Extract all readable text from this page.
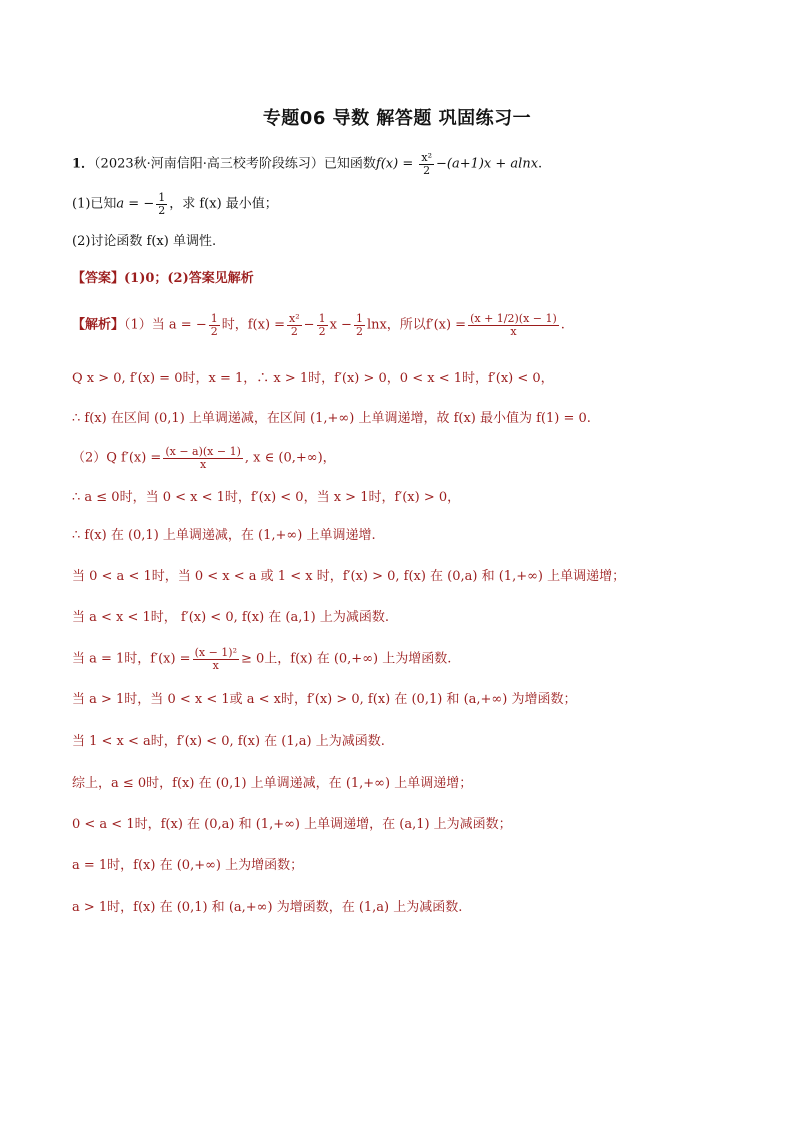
专题06 导数 解答题 巩固练习一
1．（2023秋·河南信阳·高三校考阶段练习）已知函数$f(x) = \frac{\text{x²}}{2} -(a+1)x + alnx$.
(1)已知a = − $\frac{1}{2}$ ，求 f(x) 最小值；
(2)讨论函数 f(x) 单调性.
【答案】(1)0；(2)答案见解析
【解析】（1）当 a = − $\frac{1}{2}$ 时，$f(x) = \frac{\text{x²}}{2} - \frac{1}{2}$ $x - \frac{1}{2}$ lnx，所以$f'(x) = \frac{(x + 1/2)(x - 1)}{x}$ .
Q x > 0, f′(x) = 0时，x = 1，∴ x > 1时，f′(x) > 0，0 < x < 1时，f′(x) < 0，
∴ f(x) 在区间 (0,1) 上单调递减，在区间 (1,+∞) 上单调递增，故 f(x) 最小值为 f(1) = 0.
（2）Q $f'(x) = \frac{(x - a)(x - 1)}{x}$ , x ∈ (0,+∞)，
∴ a ≤ 0时，当 0 < x < 1时，f′(x) < 0，当 x > 1时，f′(x) > 0，
∴ f(x) 在 (0,1) 上单调递减，在 (1,+∞) 上单调递增.
当 0 < a < 1时，当 0 < x < a 或 1 < x 时，f′(x) > 0, f(x) 在 (0,a) 和 (1,+∞) 上单调递增；
当 a < x < 1时， f′(x) < 0, f(x) 在 (a,1) 上为减函数.
当 a = 1时，$f'(x) = \frac{\text{(x − 1)²}}{x} \ge 0$上，f(x) 在 (0,+∞) 上为增函数.
当 a > 1时，当 0 < x < 1或 a < x时，f′(x) > 0, f(x) 在 (0,1) 和 (a,+∞) 为增函数；
当 1 < x < a时，f′(x) < 0, f(x) 在 (1,a) 上为减函数.
综上，a ≤ 0时，f(x) 在 (0,1) 上单调递减，在 (1,+∞) 上单调递增；
0 < a < 1时，f(x) 在 (0,a) 和 (1,+∞) 上单调递增，在 (a,1) 上为减函数；
a = 1时，f(x) 在 (0,+∞) 上为增函数；
a > 1时，f(x) 在 (0,1) 和 (a,+∞) 为增函数，在 (1,a) 上为减函数.
